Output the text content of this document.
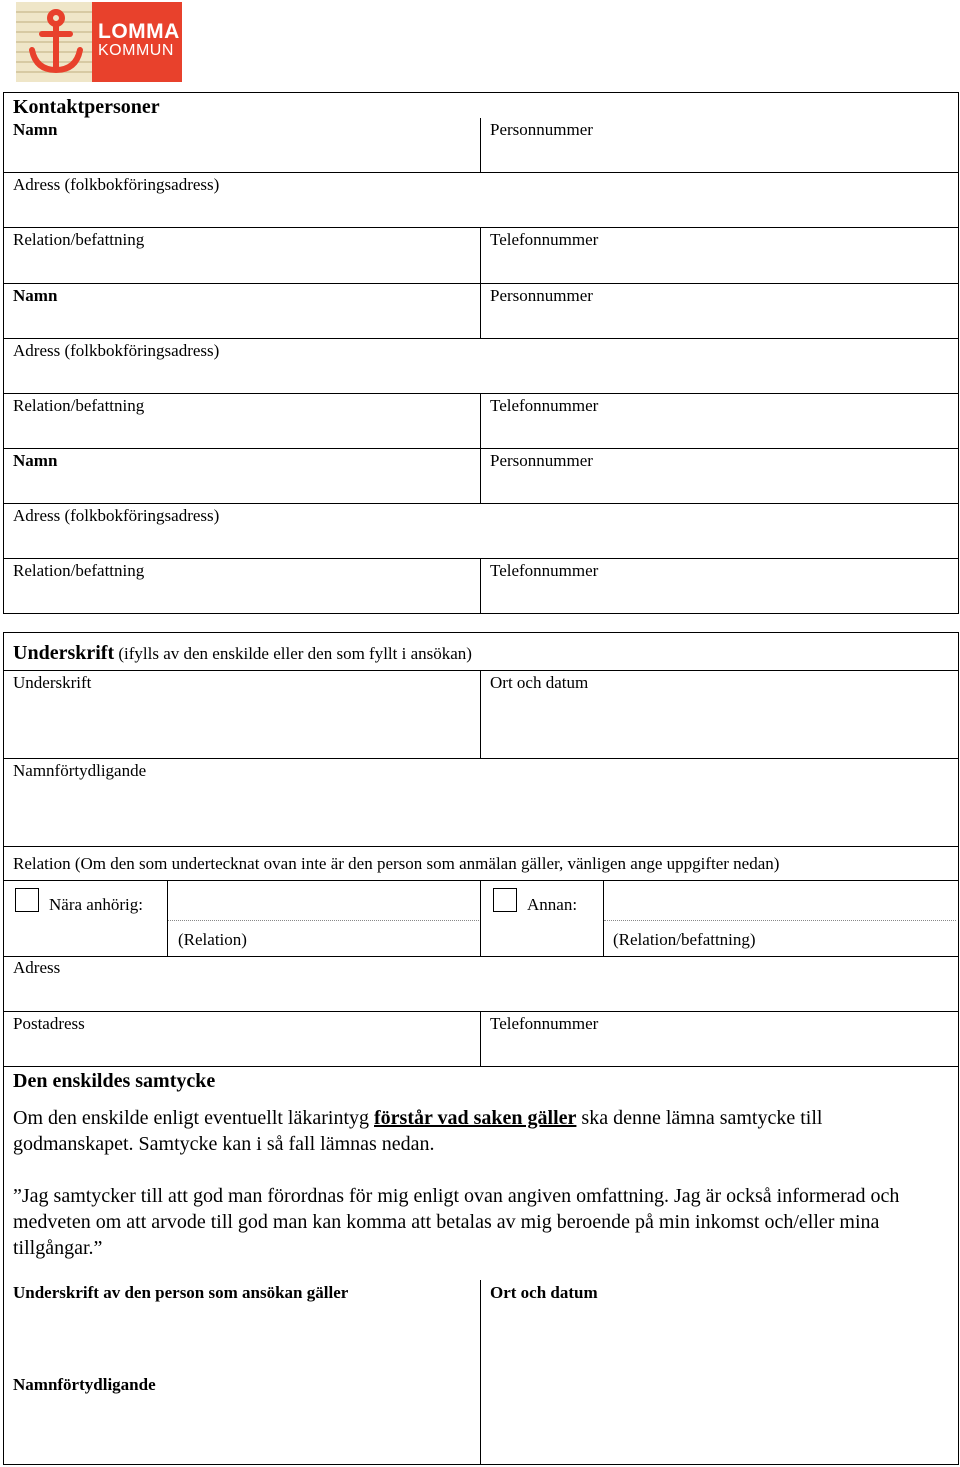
LOMMA
KOMMUN
Kontaktpersoner
Namn	Personnummer
Adress (folkbokföringsadress)
Relation/befattning	Telefonnummer
Namn	Personnummer
Adress (folkbokföringsadress)
Relation/befattning	Telefonnummer
Namn	Personnummer
Adress (folkbokföringsadress)
Relation/befattning	Telefonnummer
Underskrift (ifylls av den enskilde eller den som fyllt i ansökan)
Underskrift	Ort och datum
Namnförtydligande
Relation (Om den som undertecknat ovan inte är den person som anmälan gäller, vänligen ange uppgifter nedan)
Nära anhörig:	Annan:
(Relation)	(Relation/befattning)
Adress
Postadress	Telefonnummer
Den enskildes samtycke
Om den enskilde enligt eventuellt läkarintyg förstår vad saken gäller ska denne lämna samtycke till godmanskapet. Samtycke kan i så fall lämnas nedan.
”Jag samtycker till att god man förordnas för mig enligt ovan angiven omfattning. Jag är också informerad och medveten om att arvode till god man kan komma att betalas av mig beroende på min inkomst och/eller mina tillgångar.”
Underskrift av den person som ansökan gäller	Ort och datum
Namnförtydligande
